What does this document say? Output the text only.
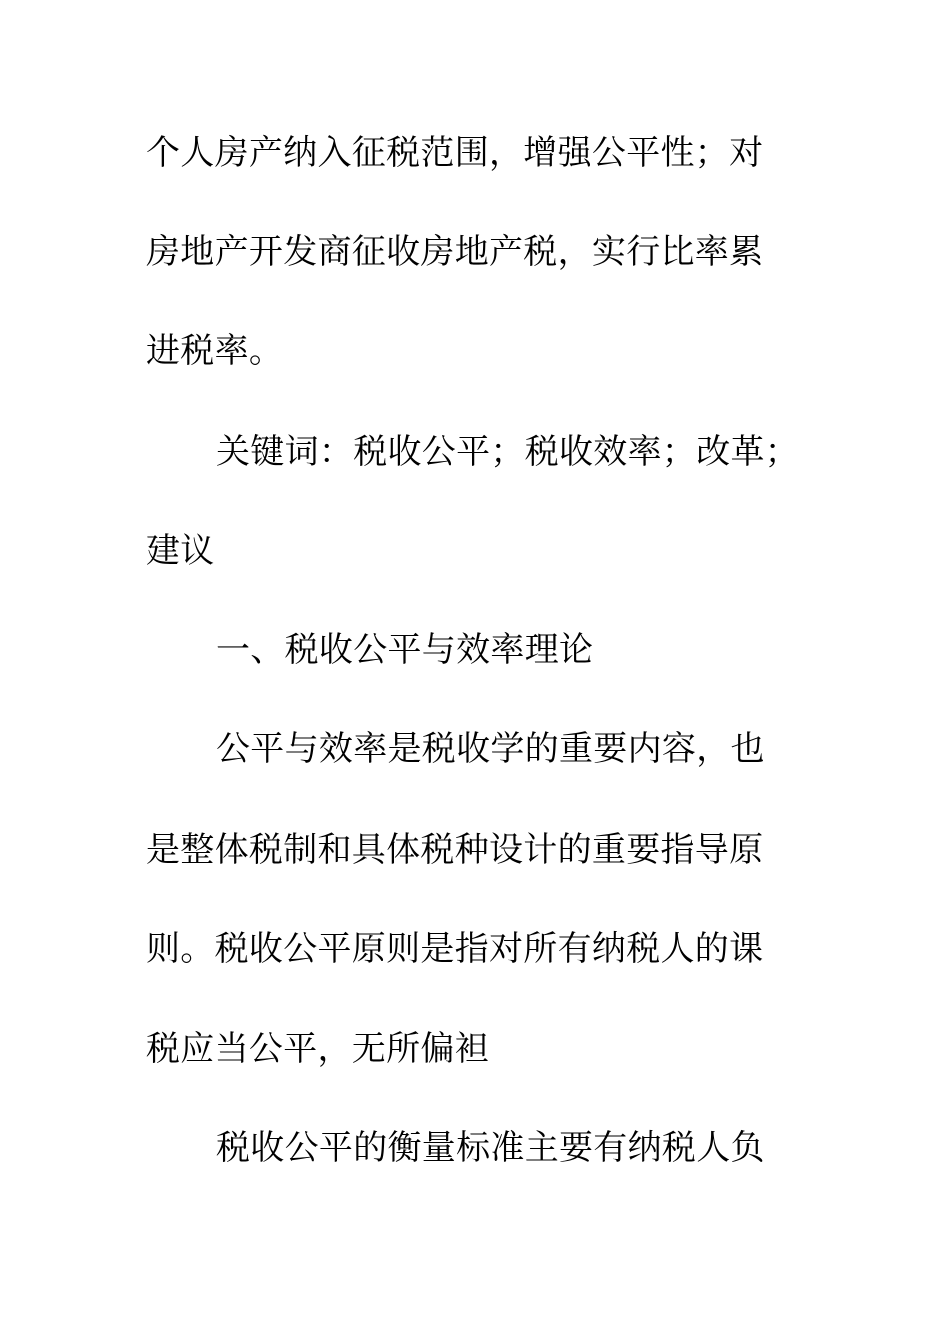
个人房产纳入征税范围，增强公平性；对
房地产开发商征收房地产税，实行比率累
进税率。
关键词：税收公平；税收效率；改革；
建议
一、税收公平与效率理论
公平与效率是税收学的重要内容，也
是整体税制和具体税种设计的重要指导原
则。税收公平原则是指对所有纳税人的课
税应当公平，无所偏袒
税收公平的衡量标准主要有纳税人负
